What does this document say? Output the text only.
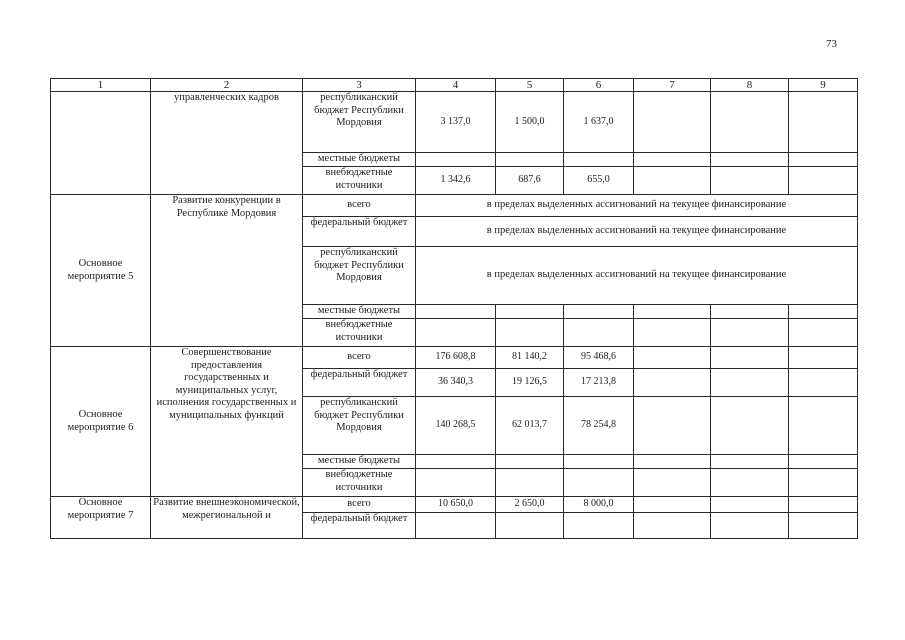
73
1	2	3	4	5	6	7	8	9
	управленческих кадров	республиканский бюджет Республики Мордовия	3 137,0	1 500,0	1 637,0			
		местные бюджеты						
		внебюджетные источники	1 342,6	687,6	655,0			
Основное мероприятие 5	Развитие конкуренции в Республике Мордовия	всего	в пределах выделенных ассигнований на текущее финансирование					
		федеральный бюджет	в пределах выделенных ассигнований на текущее финансирование					
		республиканский бюджет Республики Мордовия	в пределах выделенных ассигнований на текущее финансирование					
		местные бюджеты						
		внебюджетные источники						
Основное мероприятие 6	Совершенствование предоставления государственных и муниципальных услуг, исполнения государственных и муниципальных функций	всего	176 608,8	81 140,2	95 468,6			
		федеральный бюджет	36 340,3	19 126,5	17 213,8			
		республиканский бюджет Республики Мордовия	140 268,5	62 013,7	78 254,8			
		местные бюджеты						
		внебюджетные источники						
Основное мероприятие 7	Развитие внешнеэкономической, межрегиональной и	всего	10 650,0	2 650,0	8 000,0			
		федеральный бюджет						
